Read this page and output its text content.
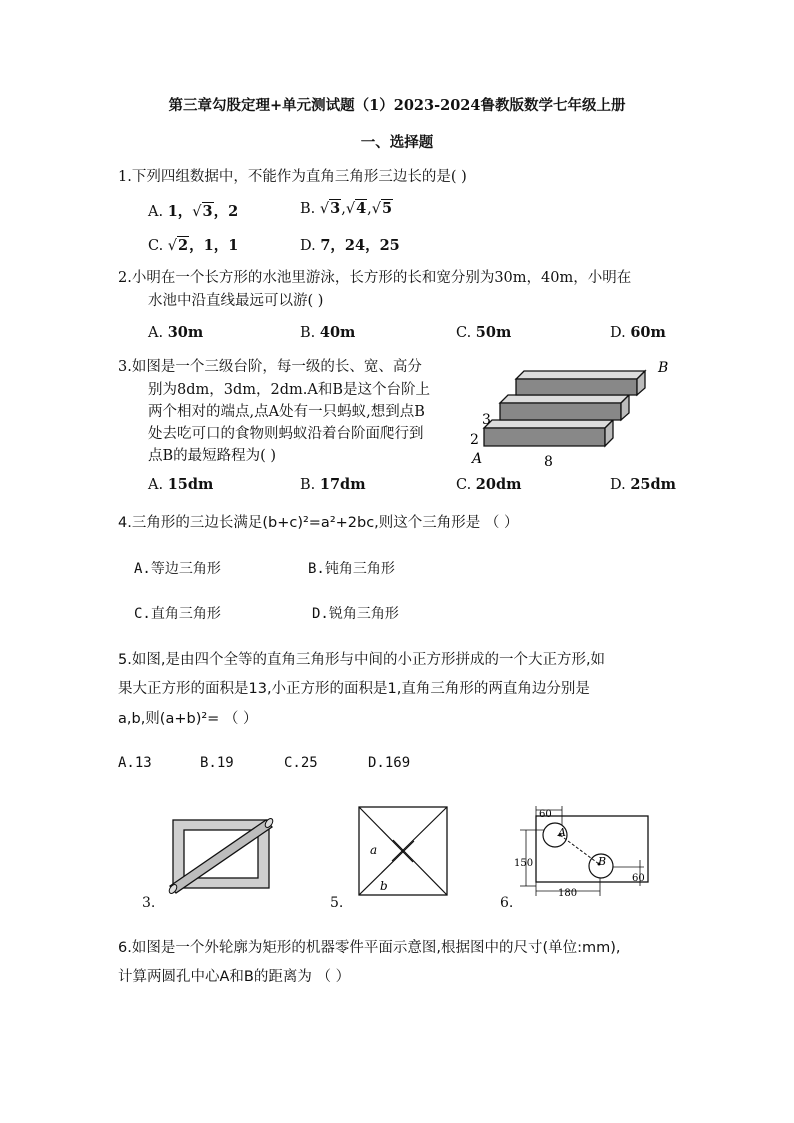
第三章勾股定理+单元测试题（1）2023-2024鲁教版数学七年级上册
一、选择题
1.下列四组数据中，不能作为直角三角形三边长的是( )
A. 1，√3，2	B. √3,√4,√5
C. √2，1，1	D. 7，24，25
2.小明在一个长方形的水池里游泳，长方形的长和宽分别为30m，40m，小明在
水池中沿直线最远可以游( )
A. 30m	B. 40m	C. 50m	D. 60m
3.如图是一个三级台阶，每一级的长、宽、高分
别为8dm，3dm，2dm.A和B是这个台阶上
两个相对的端点,点A处有一只蚂蚁,想到点B
处去吃可口的食物则蚂蚁沿着台阶面爬行到
点B的最短路程为( )	A
B
3
2
8
A. 15dm	B. 17dm	C. 20dm	D. 25dm
4.三角形的三边长满足(b+c)²=a²+2bc,则这个三角形是 （ ）
A.等边三角形	B.钝角三角形
C.直角三角形	D.锐角三角形
5.如图,是由四个全等的直角三角形与中间的小正方形拼成的一个大正方形,如
果大正方形的面积是13,小正方形的面积是1,直角三角形的两直角边分别是
a,b,则(a+b)²= （ ）
A.13	B.19	C.25	D.169
3.
a
b
5.
60
150
180
60
A
B
6.
6.如图是一个外轮廓为矩形的机器零件平面示意图,根据图中的尺寸(单位:mm),
计算两圆孔中心A和B的距离为 （ ）
